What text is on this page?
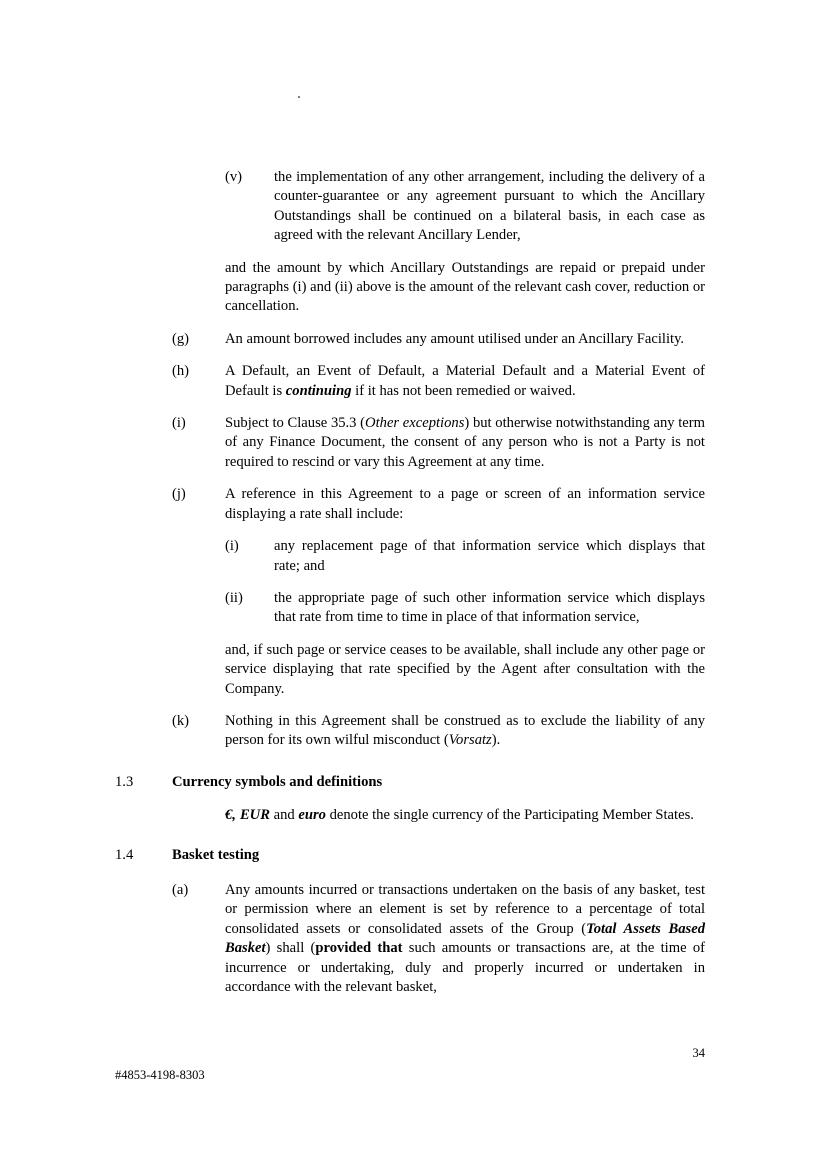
(v)	the implementation of any other arrangement, including the delivery of a counter-guarantee or any agreement pursuant to which the Ancillary Outstandings shall be continued on a bilateral basis, in each case as agreed with the relevant Ancillary Lender,
and the amount by which Ancillary Outstandings are repaid or prepaid under paragraphs (i) and (ii) above is the amount of the relevant cash cover, reduction or cancellation.
(g)	An amount borrowed includes any amount utilised under an Ancillary Facility.
(h)	A Default, an Event of Default, a Material Default and a Material Event of Default is continuing if it has not been remedied or waived.
(i)	Subject to Clause 35.3 (Other exceptions) but otherwise notwithstanding any term of any Finance Document, the consent of any person who is not a Party is not required to rescind or vary this Agreement at any time.
(j)	A reference in this Agreement to a page or screen of an information service displaying a rate shall include:
(i)	any replacement page of that information service which displays that rate; and
(ii)	the appropriate page of such other information service which displays that rate from time to time in place of that information service,
and, if such page or service ceases to be available, shall include any other page or service displaying that rate specified by the Agent after consultation with the Company.
(k)	Nothing in this Agreement shall be construed as to exclude the liability of any person for its own wilful misconduct (Vorsatz).
1.3	Currency symbols and definitions
€, EUR and euro denote the single currency of the Participating Member States.
1.4	Basket testing
(a)	Any amounts incurred or transactions undertaken on the basis of any basket, test or permission where an element is set by reference to a percentage of total consolidated assets or consolidated assets of the Group (Total Assets Based Basket) shall (provided that such amounts or transactions are, at the time of incurrence or undertaking, duly and properly incurred or undertaken in accordance with the relevant basket,
34
#4853-4198-8303
